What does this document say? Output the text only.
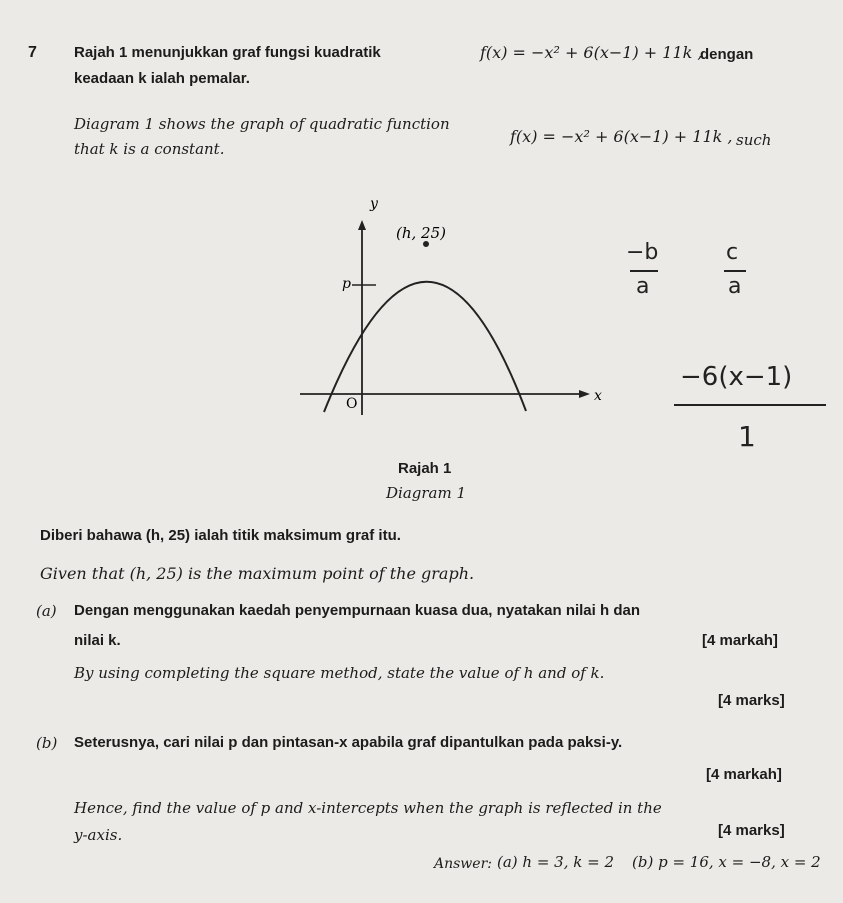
7 Rajah 1 menunjukkan graf fungsi kuadratik	f(x) = −x² + 6(x−1) + 11k ,
dengan
keadaan k ialah pemalar.
Diagram 1 shows the graph of quadratic function
f(x) = −x² + 6(x−1) + 11k , such
that k is a constant.
y
x
O
p
(h, 25)
Rajah 1
Diagram 1
−b
a
c
a
−6(x−1)
1
Diberi bahawa (h, 25) ialah titik maksimum graf itu.
Given that (h, 25) is the maximum point of the graph.
(a) Dengan menggunakan kaedah penyempurnaan kuasa dua, nyatakan nilai h dan
nilai k.	[4 markah]
By using completing the square method, state the value of h and of k.
[4 marks]
(b) Seterusnya, cari nilai p dan pintasan-x apabila graf dipantulkan pada paksi-y.
[4 markah]
Hence, find the value of p and x-intercepts when the graph is reflected in the
y-axis.	[4 marks]
Answer: (a) h = 3, k = 2 (b) p = 16, x = −8, x = 2
